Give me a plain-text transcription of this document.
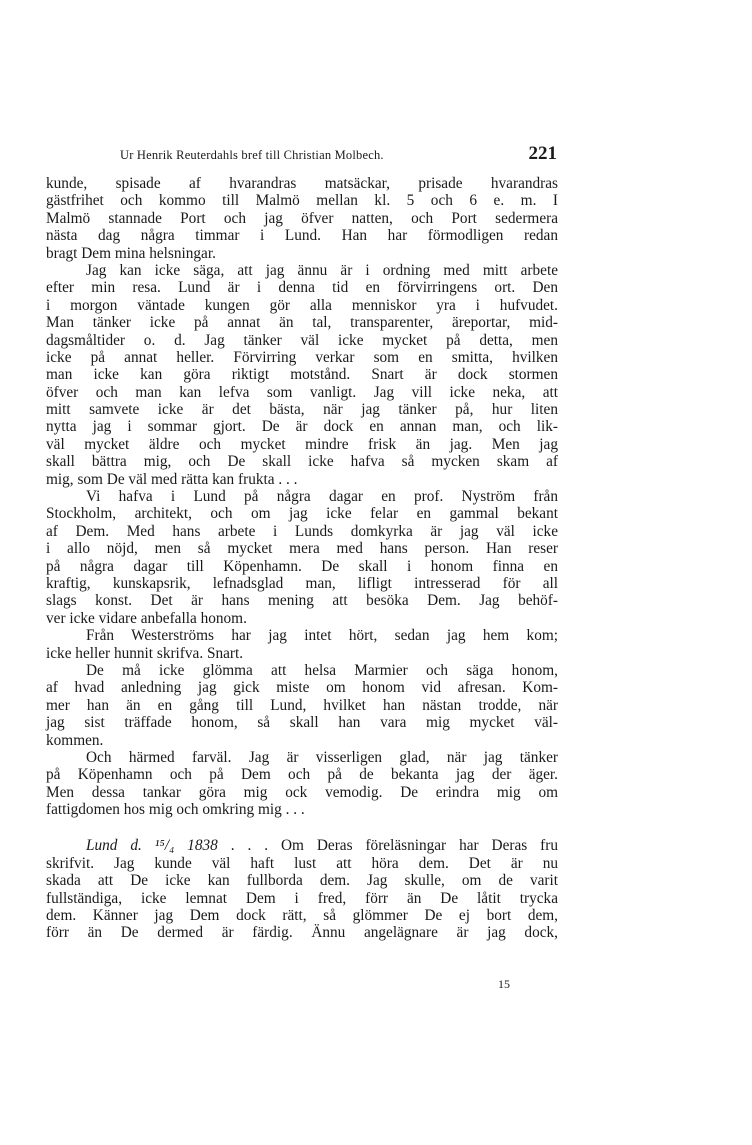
Ur Henrik Reuterdahls bref till Christian Molbech.	221
kunde, spisade af hvarandras matsäckar, prisade hvarandras
gästfrihet och kommo till Malmö mellan kl. 5 och 6 e. m. I
Malmö stannade Port och jag öfver natten, och Port sedermera
nästa dag några timmar i Lund. Han har förmodligen redan
bragt Dem mina helsningar.
Jag kan icke säga, att jag ännu är i ordning med mitt arbete
efter min resa. Lund är i denna tid en förvirringens ort. Den
i morgon väntade kungen gör alla menniskor yra i hufvudet.
Man tänker icke på annat än tal, transparenter, äreportar, mid-
dagsmåltider o. d. Jag tänker väl icke mycket på detta, men
icke på annat heller. Förvirring verkar som en smitta, hvilken
man icke kan göra riktigt motstånd. Snart är dock stormen
öfver och man kan lefva som vanligt. Jag vill icke neka, att
mitt samvete icke är det bästa, när jag tänker på, hur liten
nytta jag i sommar gjort. De är dock en annan man, och lik-
väl mycket äldre och mycket mindre frisk än jag. Men jag
skall bättra mig, och De skall icke hafva så mycken skam af
mig, som De väl med rätta kan frukta . . .
Vi hafva i Lund på några dagar en prof. Nyström från
Stockholm, architekt, och om jag icke felar en gammal bekant
af Dem. Med hans arbete i Lunds domkyrka är jag väl icke
i allo nöjd, men så mycket mera med hans person. Han reser
på några dagar till Köpenhamn. De skall i honom finna en
kraftig, kunskapsrik, lefnadsglad man, lifligt intresserad för all
slags konst. Det är hans mening att besöka Dem. Jag behöf-
ver icke vidare anbefalla honom.
Från Westerströms har jag intet hört, sedan jag hem kom;
icke heller hunnit skrifva. Snart.
De må icke glömma att helsa Marmier och säga honom,
af hvad anledning jag gick miste om honom vid afresan. Kom-
mer han än en gång till Lund, hvilket han nästan trodde, när
jag sist träffade honom, så skall han vara mig mycket väl-
kommen.
Och härmed farväl. Jag är visserligen glad, när jag tänker
på Köpenhamn och på Dem och på de bekanta jag der äger.
Men dessa tankar göra mig ock vemodig. De erindra mig om
fattigdomen hos mig och omkring mig . . .
Lund d. ¹⁵/₄ 1838 . . . Om Deras föreläsningar har Deras fru
skrifvit. Jag kunde väl haft lust att höra dem. Det är nu
skada att De icke kan fullborda dem. Jag skulle, om de varit
fullständiga, icke lemnat Dem i fred, förr än De låtit trycka
dem. Känner jag Dem dock rätt, så glömmer De ej bort dem,
förr än De dermed är färdig. Ännu angelägnare är jag dock,
15
